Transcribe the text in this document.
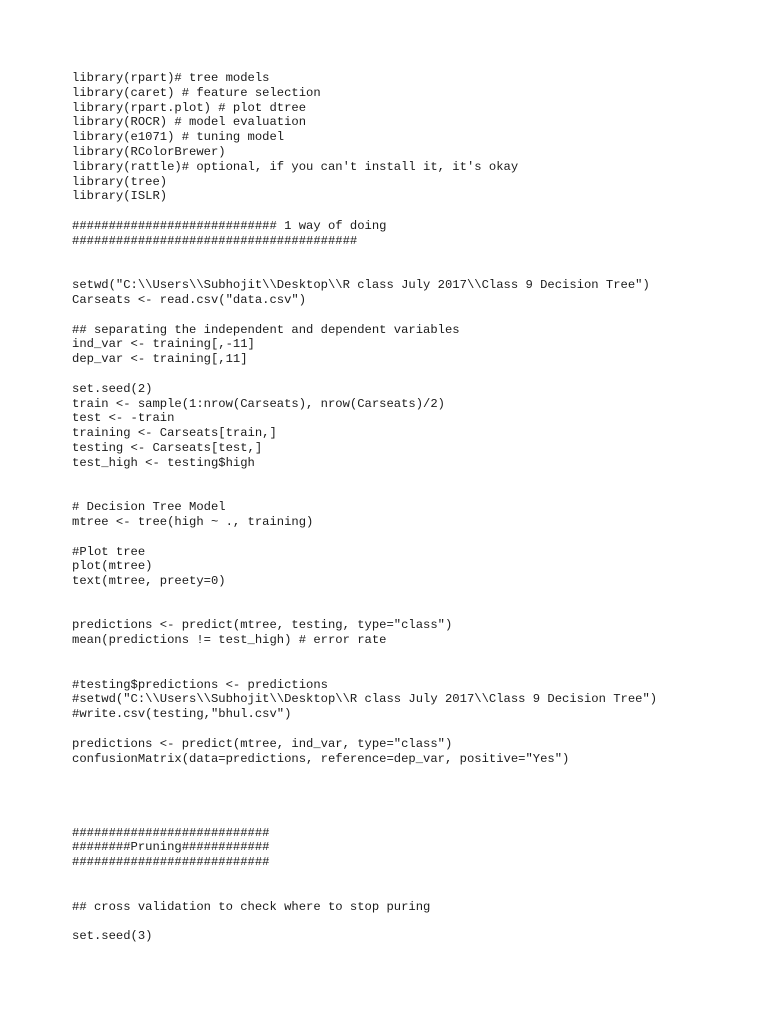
library(rpart)# tree models
library(caret) # feature selection
library(rpart.plot) # plot dtree
library(ROCR) # model evaluation
library(e1071) # tuning model
library(RColorBrewer)
library(rattle)# optional, if you can't install it, it's okay
library(tree)
library(ISLR)
############################ 1 way of doing
#######################################
setwd("C:\\Users\\Subhojit\\Desktop\\R class July 2017\\Class 9 Decision Tree")
Carseats <- read.csv("data.csv")
## separating the independent and dependent variables
ind_var <- training[,-11]
dep_var <- training[,11]
set.seed(2)
train <- sample(1:nrow(Carseats), nrow(Carseats)/2)
test <- -train
training <- Carseats[train,]
testing <- Carseats[test,]
test_high <- testing$high
# Decision Tree Model
mtree <- tree(high ~ ., training)
#Plot tree
plot(mtree)
text(mtree, preety=0)
predictions <- predict(mtree, testing, type="class")
mean(predictions != test_high) # error rate
#testing$predictions <- predictions
#setwd("C:\\Users\\Subhojit\\Desktop\\R class July 2017\\Class 9 Decision Tree")
#write.csv(testing,"bhul.csv")
predictions <- predict(mtree, ind_var, type="class")
confusionMatrix(data=predictions, reference=dep_var, positive="Yes")
###########################
########Pruning############
###########################
## cross validation to check where to stop puring
set.seed(3)
